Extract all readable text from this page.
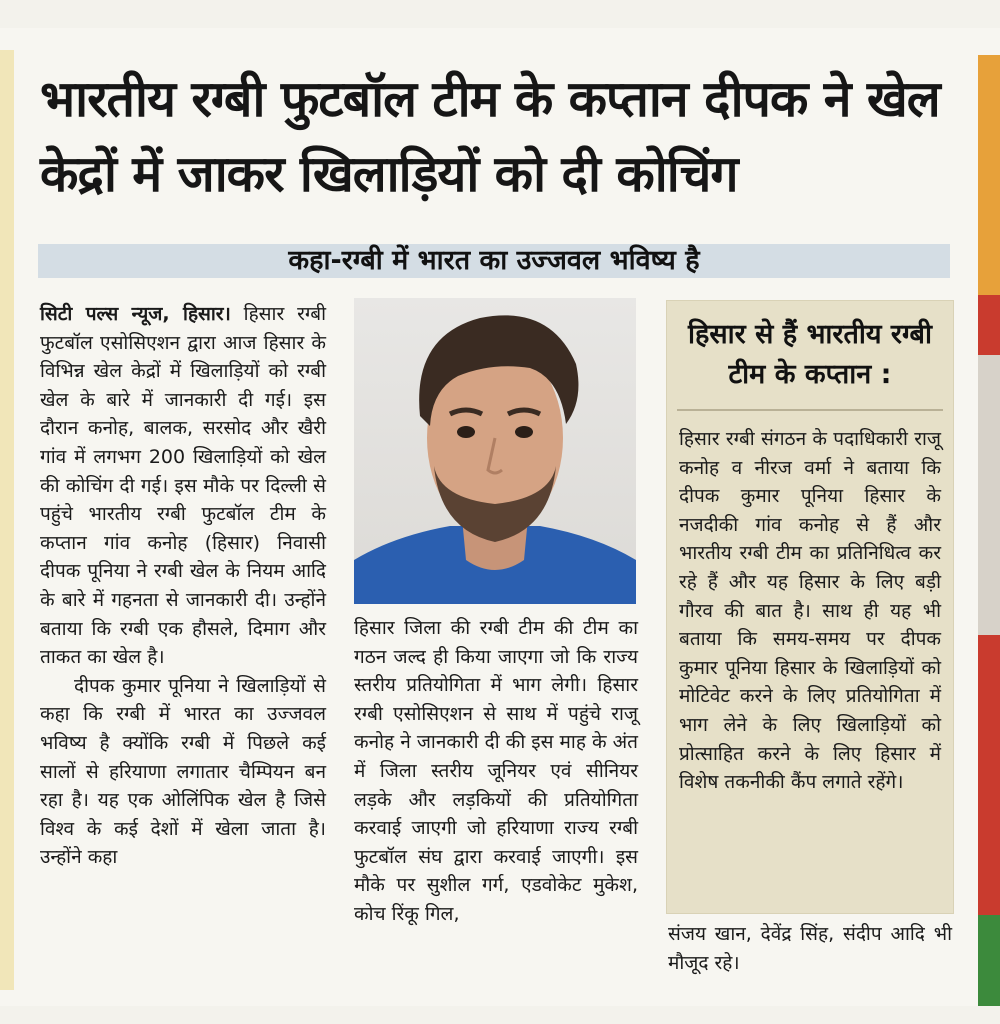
भारतीय रग्बी फुटबॉल टीम के कप्तान दीपक ने खेल केद्रों में जाकर खिलाड़ियों को दी कोचिंग
कहा-रग्बी में भारत का उज्जवल भविष्य है

सिटी पल्स न्यूज, हिसार। हिसार रग्बी फुटबॉल एसोसिएशन द्वारा आज हिसार के विभिन्न खेल केद्रों में खिलाड़ियों को रग्बी खेल के बारे में जानकारी दी गई। इस दौरान कनोह, बालक, सरसोद और खैरी गांव में लगभग 200 खिलाड़ियों को खेल की कोचिंग दी गई। इस मौके पर दिल्ली से पहुंचे भारतीय रग्बी फुटबॉल टीम के कप्तान गांव कनोह (हिसार) निवासी दीपक पूनिया ने रग्बी खेल के नियम आदि के बारे में गहनता से जानकारी दी। उन्होंने बताया कि रग्बी एक हौसले, दिमाग और ताकत का खेल है।

दीपक कुमार पूनिया ने खिलाड़ियों से कहा कि रग्बी में भारत का उज्जवल भविष्य है क्योंकि रग्बी में पिछले कई सालों से हरियाणा लगातार चैम्पियन बन रहा है। यह एक ओलिंपिक खेल है जिसे विश्व के कई देशों में खेला जाता है। उन्होंने कहा

हिसार जिला की रग्बी टीम की टीम का गठन जल्द ही किया जाएगा जो कि राज्य स्तरीय प्रतियोगिता में भाग लेगी। हिसार रग्बी एसोसिएशन से साथ में पहुंचे राजू कनोह ने जानकारी दी की इस माह के अंत में जिला स्तरीय जूनियर एवं सीनियर लड़के और लड़कियों की प्रतियोगिता करवाई जाएगी जो हरियाणा राज्य रग्बी फुटबॉल संघ द्वारा करवाई जाएगी। इस मौके पर सुशील गर्ग, एडवोकेट मुकेश, कोच रिंकू गिल,

हिसार से हैं भारतीय रग्बी टीम के कप्तान :

हिसार रग्बी संगठन के पदाधिकारी राजू कनोह व नीरज वर्मा ने बताया कि दीपक कुमार पूनिया हिसार के नजदीकी गांव कनोह से हैं और भारतीय रग्बी टीम का प्रतिनिधित्व कर रहे हैं और यह हिसार के लिए बड़ी गौरव की बात है। साथ ही यह भी बताया कि समय-समय पर दीपक कुमार पूनिया हिसार के खिलाड़ियों को मोटिवेट करने के लिए प्रतियोगिता में भाग लेने के लिए खिलाड़ियों को प्रोत्साहित करने के लिए हिसार में विशेष तकनीकी कैंप लगाते रहेंगे।

संजय खान, देवेंद्र सिंह, संदीप आदि भी मौजूद रहे।
